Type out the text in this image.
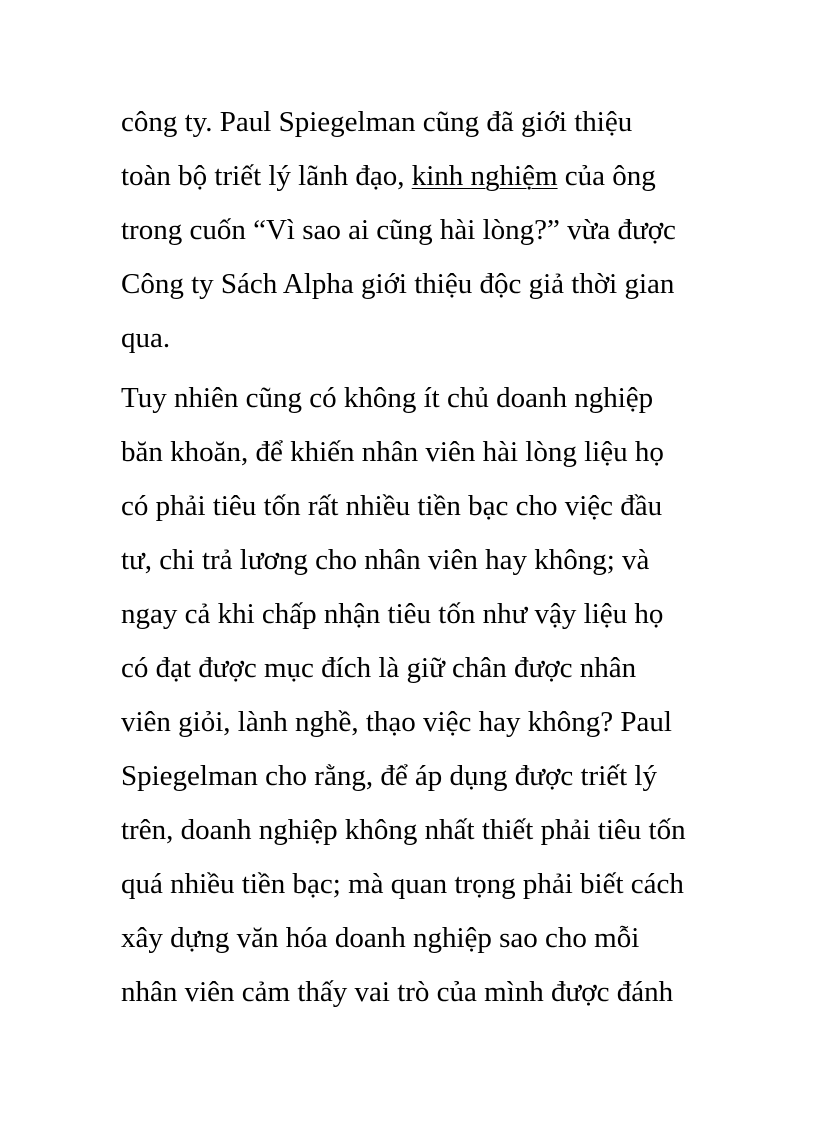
công ty. Paul Spiegelman cũng đã giới thiệu
toàn bộ triết lý lãnh đạo, kinh nghiệm của ông
trong cuốn “Vì sao ai cũng hài lòng?” vừa được
Công ty Sách Alpha giới thiệu độc giả thời gian
qua.
Tuy nhiên cũng có không ít chủ doanh nghiệp
băn khoăn, để khiến nhân viên hài lòng liệu họ
có phải tiêu tốn rất nhiều tiền bạc cho việc đầu
tư, chi trả lương cho nhân viên hay không; và
ngay cả khi chấp nhận tiêu tốn như vậy liệu họ
có đạt được mục đích là giữ chân được nhân
viên giỏi, lành nghề, thạo việc hay không? Paul
Spiegelman cho rằng, để áp dụng được triết lý
trên, doanh nghiệp không nhất thiết phải tiêu tốn
quá nhiều tiền bạc; mà quan trọng phải biết cách
xây dựng văn hóa doanh nghiệp sao cho mỗi
nhân viên cảm thấy vai trò của mình được đánh
